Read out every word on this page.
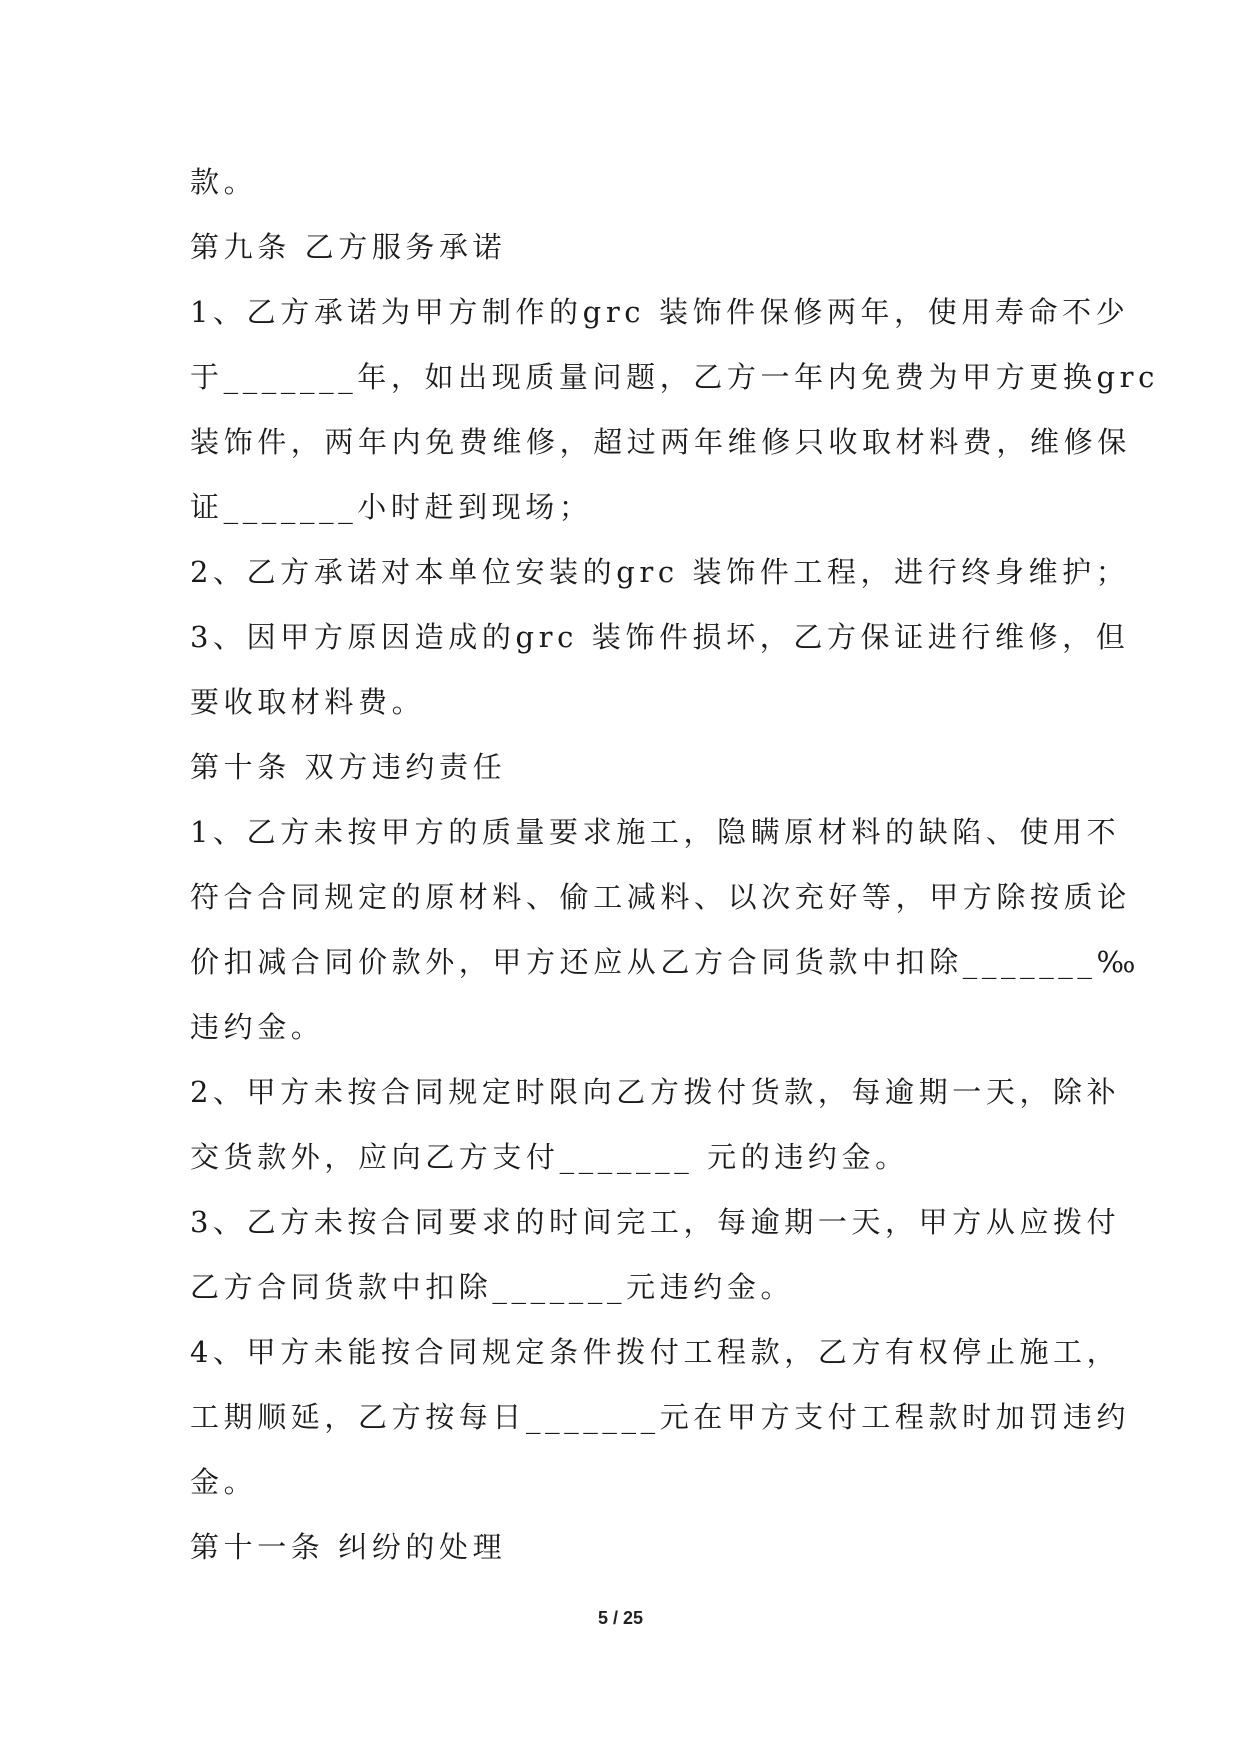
款。
第九条 乙方服务承诺
1、乙方承诺为甲方制作的grc 装饰件保修两年，使用寿命不少
于_______年，如出现质量问题，乙方一年内免费为甲方更换grc
装饰件，两年内免费维修，超过两年维修只收取材料费，维修保
证_______小时赶到现场；
2、乙方承诺对本单位安装的grc 装饰件工程，进行终身维护；
3、因甲方原因造成的grc 装饰件损坏，乙方保证进行维修，但
要收取材料费。
第十条 双方违约责任
1、乙方未按甲方的质量要求施工，隐瞒原材料的缺陷、使用不
符合合同规定的原材料、偷工减料、以次充好等，甲方除按质论
价扣减合同价款外，甲方还应从乙方合同货款中扣除_______‰
违约金。
2、甲方未按合同规定时限向乙方拨付货款，每逾期一天，除补
交货款外，应向乙方支付_______ 元的违约金。
3、乙方未按合同要求的时间完工，每逾期一天，甲方从应拨付
乙方合同货款中扣除_______元违约金。
4、甲方未能按合同规定条件拨付工程款，乙方有权停止施工，
工期顺延，乙方按每日_______元在甲方支付工程款时加罚违约
金。
第十一条 纠纷的处理
5 / 25
